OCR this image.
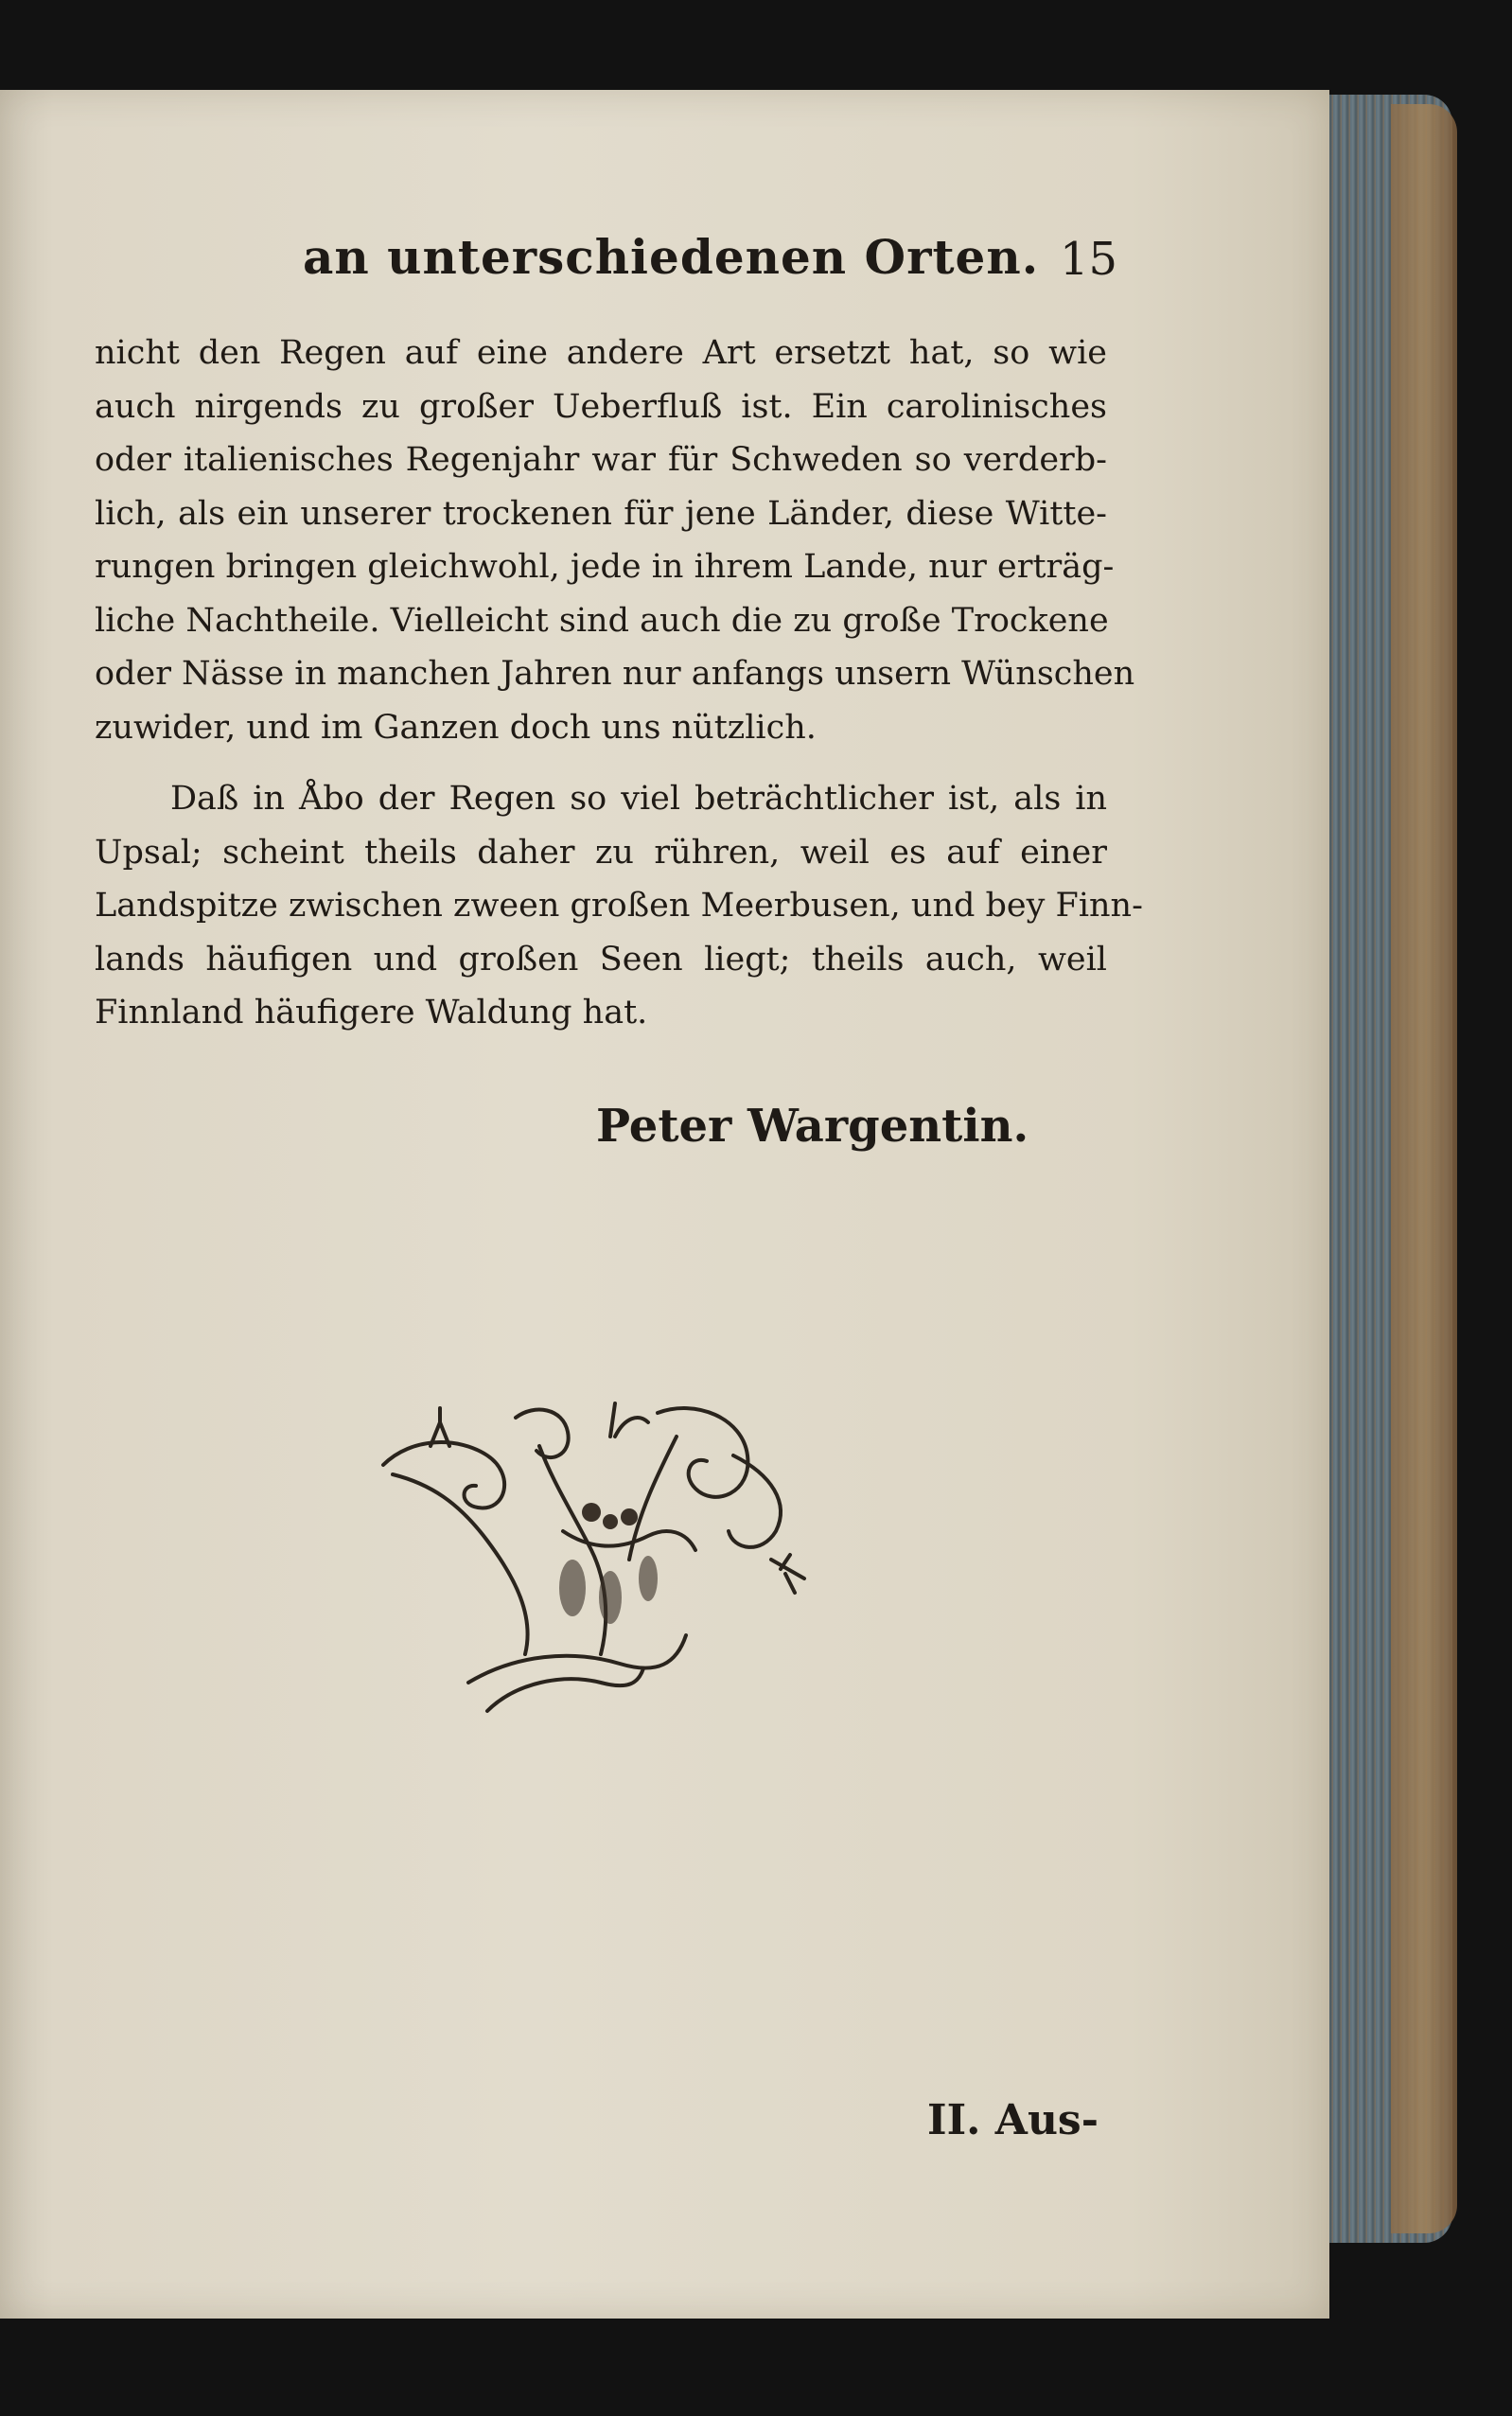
an unterschiedenen Orten. 15
nicht den Regen auf eine andere Art ersetzt hat, so wie
auch nirgends zu großer Ueberfluß ist. Ein carolinisches
oder italienisches Regenjahr war für Schweden so verderb-
lich, als ein unserer trockenen für jene Länder, diese Witte-
rungen bringen gleichwohl, jede in ihrem Lande, nur erträg-
liche Nachtheile. Vielleicht sind auch die zu große Trockene
oder Nässe in manchen Jahren nur anfangs unsern Wünschen
zuwider, und im Ganzen doch uns nützlich.
Daß in Åbo der Regen so viel beträchtlicher ist, als in
Upsal; scheint theils daher zu rühren, weil es auf einer
Landspitze zwischen zween großen Meerbusen, und bey Finn-
lands häufigen und großen Seen liegt; theils auch, weil
Finnland häufigere Waldung hat.
Peter Wargentin.
II. Aus-
